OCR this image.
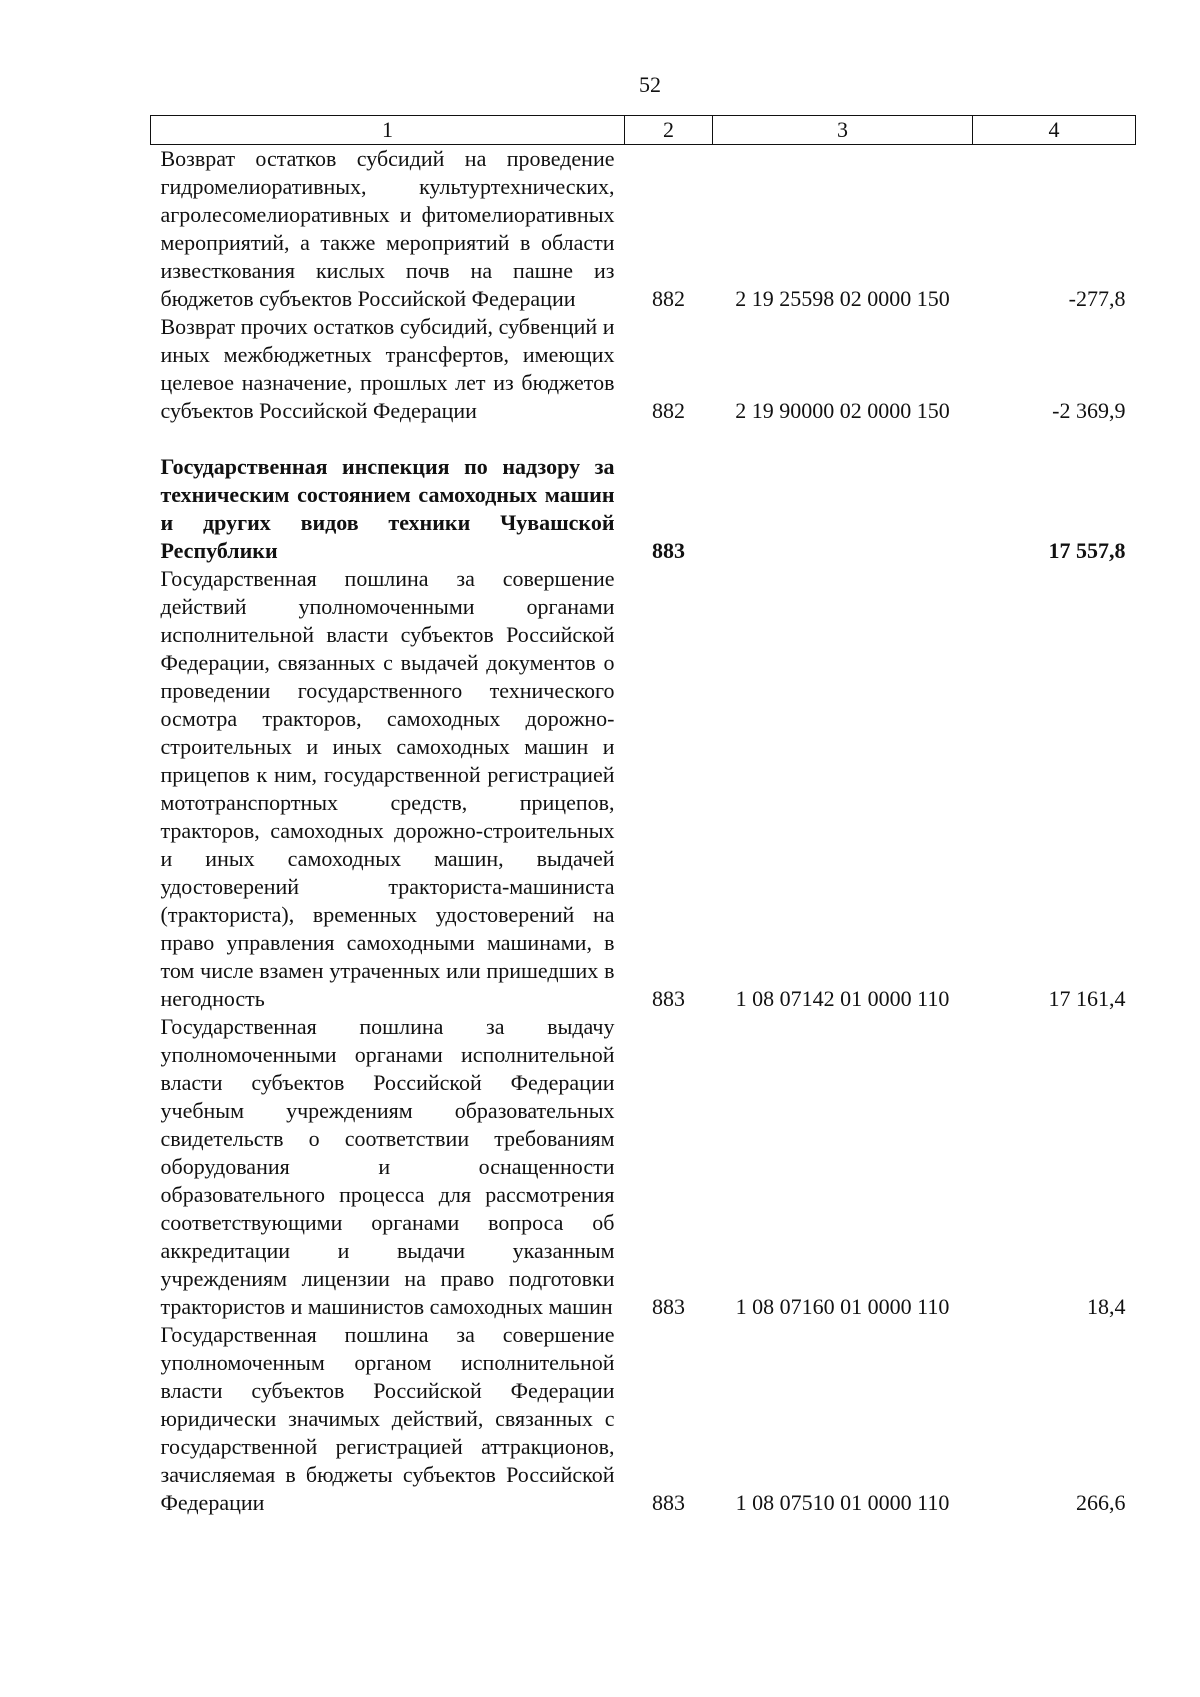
52
1	2	3	4
Возврат остатков субсидий на проведение гидромелиоративных, культуртехнических, агролесомелиоративных и фитомелиоративных мероприятий, а также мероприятий в области известкования кислых почв на пашне из бюджетов субъектов Российской Федерации	882	2 19 25598 02 0000 150	-277,8
Возврат прочих остатков субсидий, субвенций и иных межбюджетных трансфертов, имеющих целевое назначение, прошлых лет из бюджетов субъектов Российской Федерации	882	2 19 90000 02 0000 150	-2 369,9

Государственная инспекция по надзору за техническим состоянием самоходных машин и других видов техники Чувашской Республики	883		17 557,8
Государственная пошлина за совершение действий уполномоченными органами исполнительной власти субъектов Российской Федерации, связанных с выдачей документов о проведении государственного технического осмотра тракторов, самоходных дорожно-строительных и иных самоходных машин и прицепов к ним, государственной регистрацией мототранспортных средств, прицепов, тракторов, самоходных дорожно-строительных и иных самоходных машин, выдачей удостоверений тракториста-машиниста (тракториста), временных удостоверений на право управления самоходными машинами, в том числе взамен утраченных или пришедших в негодность	883	1 08 07142 01 0000 110	17 161,4
Государственная пошлина за выдачу уполномоченными органами исполнительной власти субъектов Российской Федерации учебным учреждениям образовательных свидетельств о соответствии требованиям оборудования и оснащенности образовательного процесса для рассмотрения соответствующими органами вопроса об аккредитации и выдачи указанным учреждениям лицензии на право подготовки трактористов и машинистов самоходных машин	883	1 08 07160 01 0000 110	18,4
Государственная пошлина за совершение уполномоченным органом исполнительной власти субъектов Российской Федерации юридически значимых действий, связанных с государственной регистрацией аттракционов, зачисляемая в бюджеты субъектов Российской Федерации	883	1 08 07510 01 0000 110	266,6
